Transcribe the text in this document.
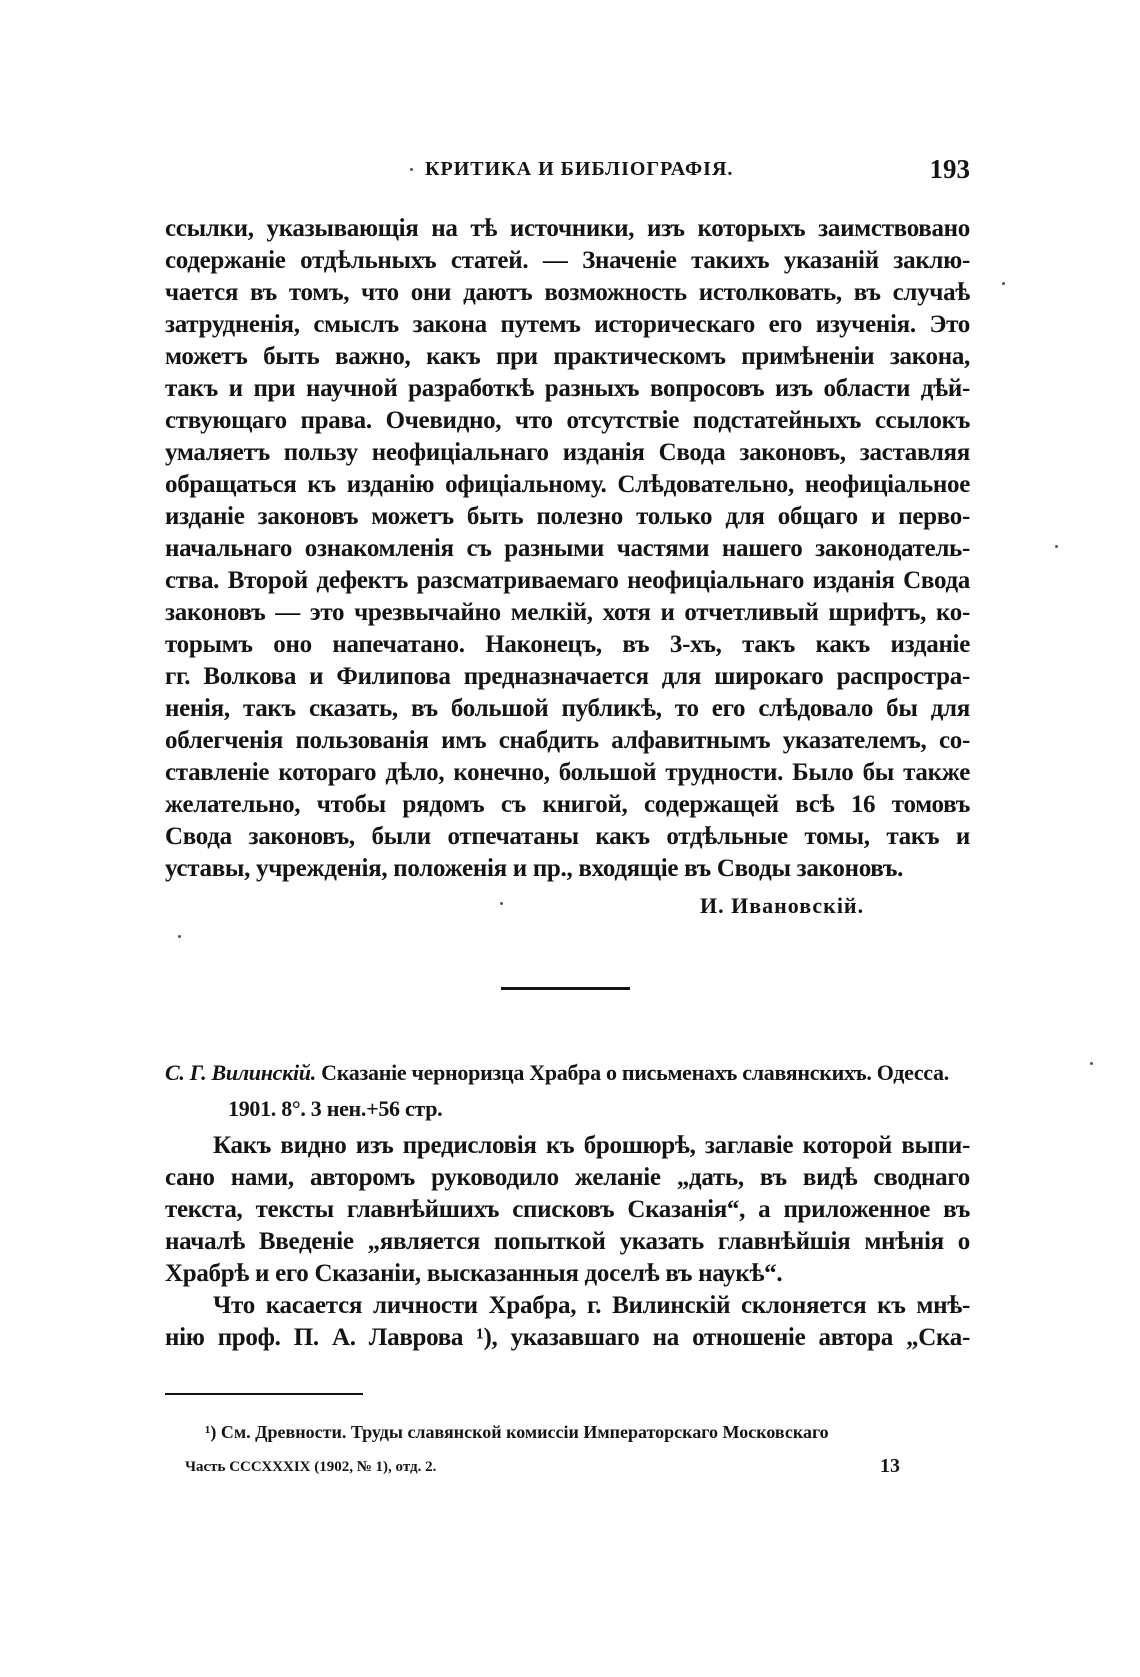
КРИТИКА И БИБЛІОГРАФІЯ.	193
ссылки, указывающія на тѣ источники, изъ которыхъ заимствовано
содержаніе отдѣльныхъ статей. — Значеніе такихъ указаній заклю-
чается въ томъ, что они даютъ возможность истолковать, въ случаѣ
затрудненія, смыслъ закона путемъ историческаго его изученія. Это
можетъ быть важно, какъ при практическомъ примѣненіи закона,
такъ и при научной разработкѣ разныхъ вопросовъ изъ области дѣй-
ствующаго права. Очевидно, что отсутствіе подстатейныхъ ссылокъ
умаляетъ пользу неофиціальнаго изданія Свода законовъ, заставляя
обращаться къ изданію офиціальному. Слѣдовательно, неофиціальное
изданіе законовъ можетъ быть полезно только для общаго и перво-
начальнаго ознакомленія съ разными частями нашего законодатель-
ства. Второй дефектъ разсматриваемаго неофиціальнаго изданія Свода
законовъ — это чрезвычайно мелкій, хотя и отчетливый шрифтъ, ко-
торымъ оно напечатано. Наконецъ, въ 3-хъ, такъ какъ изданіе
гг. Волкова и Филипова предназначается для широкаго распростра-
ненія, такъ сказать, въ большой публикѣ, то его слѣдовало бы для
облегченія пользованія имъ снабдить алфавитнымъ указателемъ, со-
ставленіе котораго дѣло, конечно, большой трудности. Было бы также
желательно, чтобы рядомъ съ книгой, содержащей всѣ 16 томовъ
Свода законовъ, были отпечатаны какъ отдѣльные томы, такъ и
уставы, учрежденія, положенія и пр., входящіе въ Своды законовъ.
И. Ивановскій.
С. Г. Вилинскій. Сказаніе черноризца Храбра о письменахъ славянскихъ. Одесса.
1901. 8°. 3 нен.+56 стр.
Какъ видно изъ предисловія къ брошюрѣ, заглавіе которой выпи-
сано нами, авторомъ руководило желаніе „дать, въ видѣ своднаго
текста, тексты главнѣйшихъ списковъ Сказанія“, а приложенное въ
началѣ Введеніе „является попыткой указать главнѣйшія мнѣнія о
Храбрѣ и его Сказаніи, высказанныя доселѣ въ наукѣ“.
Что касается личности Храбра, г. Вилинскій склоняется къ мнѣ-
нію проф. П. А. Лаврова ¹), указавшаго на отношеніе автора „Ска-
¹) См. Древности. Труды славянской комиссіи Императорскаго Московскаго
Часть СССХXXIX (1902, № 1), отд. 2.	13
